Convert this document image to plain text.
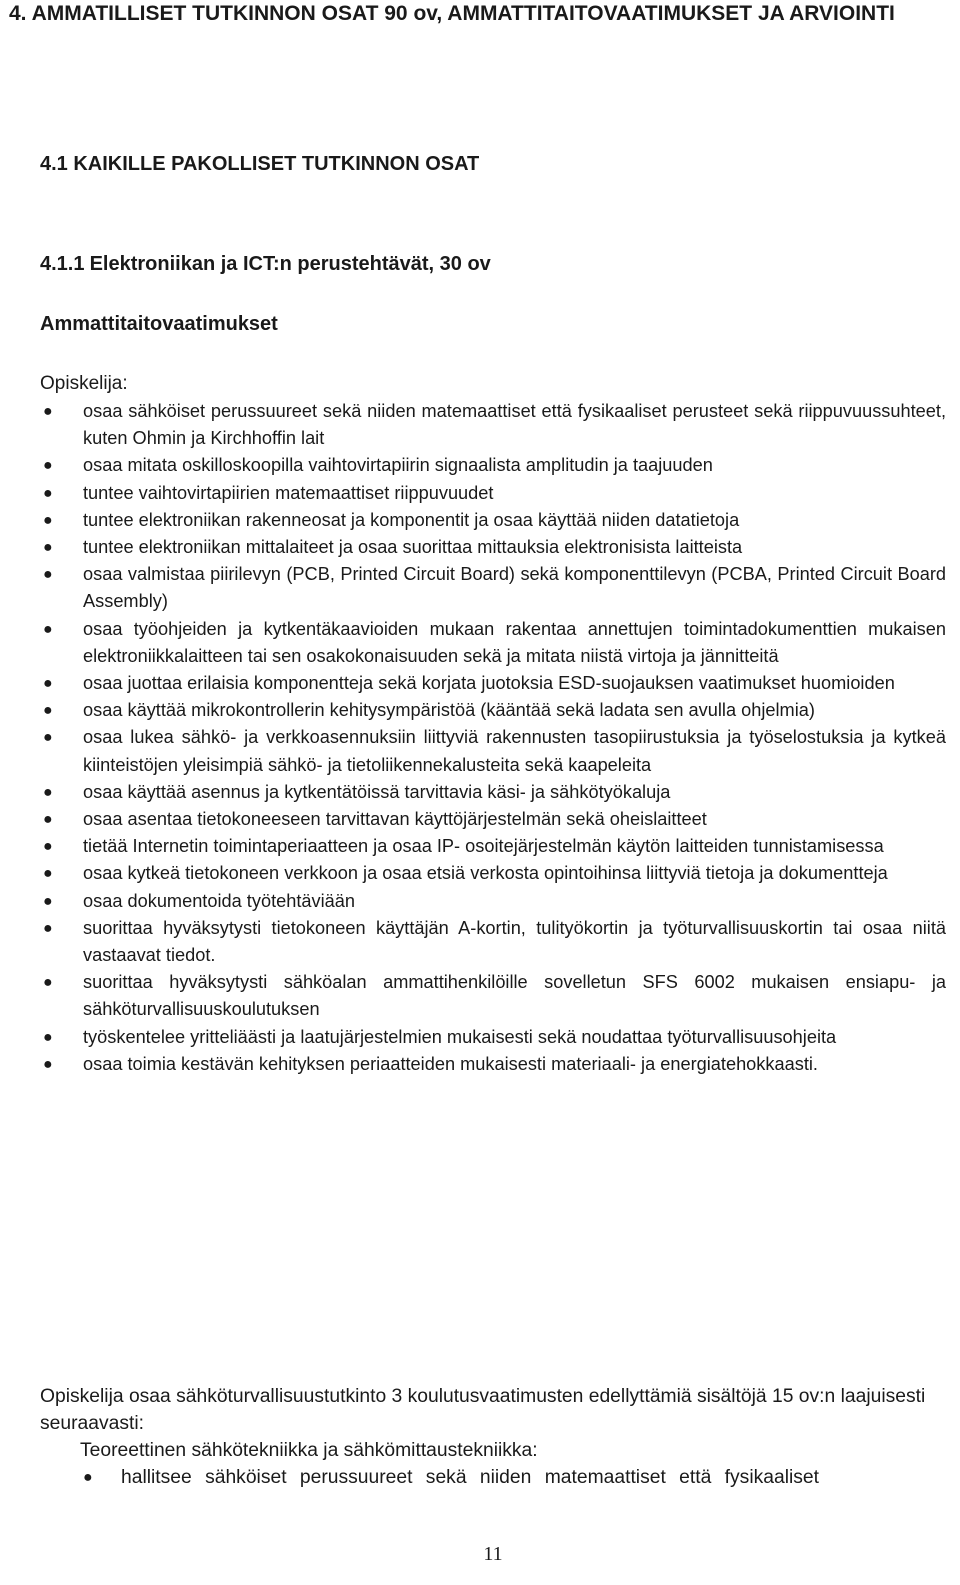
4. AMMATILLISET TUTKINNON OSAT 90 ov, AMMATTITAITOVAATIMUKSET JA ARVIOINTI
4.1 KAIKILLE PAKOLLISET TUTKINNON OSAT
4.1.1 Elektroniikan ja ICT:n perustehtävät, 30 ov
Ammattitaitovaatimukset

Opiskelija:

● osaa sähköiset perussuureet sekä niiden matemaattiset että fysikaaliset perusteet sekä riippuvuussuhteet, kuten Ohmin ja Kirchhoffin lait
● osaa mitata oskilloskoopilla vaihtovirtapiirin signaalista amplitudin ja taajuuden
● tuntee vaihtovirtapiirien matemaattiset riippuvuudet
● tuntee elektroniikan rakenneosat ja komponentit ja osaa käyttää niiden datatietoja
● tuntee elektroniikan mittalaiteet ja osaa suorittaa mittauksia elektronisista laitteista
● osaa valmistaa piirilevyn (PCB, Printed Circuit Board) sekä komponenttilevyn (PCBA, Printed Circuit Board Assembly)
● osaa työohjeiden ja kytkentäkaavioiden mukaan rakentaa annettujen toimintadokumenttien mukaisen elektroniikkalaitteen tai sen osakokonaisuuden sekä ja mitata niistä virtoja ja jännitteitä
● osaa juottaa erilaisia komponentteja sekä korjata juotoksia ESD-suojauksen vaatimukset huomioiden
● osaa käyttää mikrokontrollerin kehitysympäristöä (kääntää sekä ladata sen avulla ohjelmia)
● osaa lukea sähkö- ja verkkoasennuksiin liittyviä rakennusten tasopiirustuksia ja työselostuksia ja kytkeä kiinteistöjen yleisimpiä sähkö- ja tietoliikennekalusteita sekä kaapeleita
● osaa käyttää asennus ja kytkentätöissä tarvittavia käsi- ja sähkötyökaluja
● osaa asentaa tietokoneeseen tarvittavan käyttöjärjestelmän sekä oheislaitteet
● tietää Internetin toimintaperiaatteen ja osaa IP- osoitejärjestelmän käytön laitteiden tunnistamisessa
● osaa kytkeä tietokoneen verkkoon ja osaa etsiä verkosta opintoihinsa liittyviä tietoja ja dokumentteja
● osaa dokumentoida työtehtäviään
● suorittaa hyväksytysti tietokoneen käyttäjän A-kortin, tulityökortin ja työturvallisuuskortin tai osaa niitä vastaavat tiedot.
● suorittaa hyväksytysti sähköalan ammattihenkilöille sovelletun SFS 6002 mukaisen ensiapu- ja sähköturvallisuuskoulutuksen
● työskentelee yritteliäästi ja laatujärjestelmien mukaisesti sekä noudattaa työturvallisuusohjeita
● osaa toimia kestävän kehityksen periaatteiden mukaisesti materiaali- ja energiatehokkaasti.

Opiskelija osaa sähköturvallisuustutkinto 3 koulutusvaatimusten edellyttämiä sisältöjä 15 ov:n laajuisesti seuraavasti:

Teoreettinen sähkötekniikka ja sähkömittaustekniikka:

● hallitsee sähköiset perussuureet sekä niiden matemaattiset että fysikaaliset

11
